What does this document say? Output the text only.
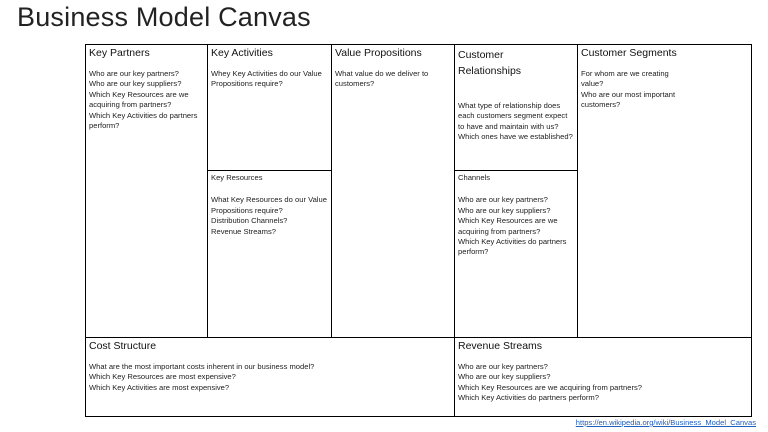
Business Model Canvas
Key Partners
Who are our key partners?
Who are our key suppliers?
Which Key Resources are we acquiring from partners?
Which Key Activities do partners perform?
Key Activities
Whey Key Activities do our Value Propositions require?
Key Resources
What Key Resources do our Value Propositions require?
Distribution Channels?
Revenue Streams?
Value Propositions
What value do we deliver to customers?
Customer Relationships
What type of relationship does each customers segment expect to have and maintain with us?
Which ones have we established?
Channels
Who are our key partners?
Who are our key suppliers?
Which Key Resources are we acquiring from partners?
Which Key Activities do partners perform?
Customer Segments
For whom are we creating value?
Who are our most important customers?
Cost Structure
What are the most important costs inherent in our business model?
Which Key Resources are most expensive?
Which Key Activities are most expensive?
Revenue Streams
Who are our key partners?
Who are our key suppliers?
Which Key Resources are we acquiring from partners?
Which Key Activities do partners perform?
https://en.wikipedia.org/wiki/Business_Model_Canvas
